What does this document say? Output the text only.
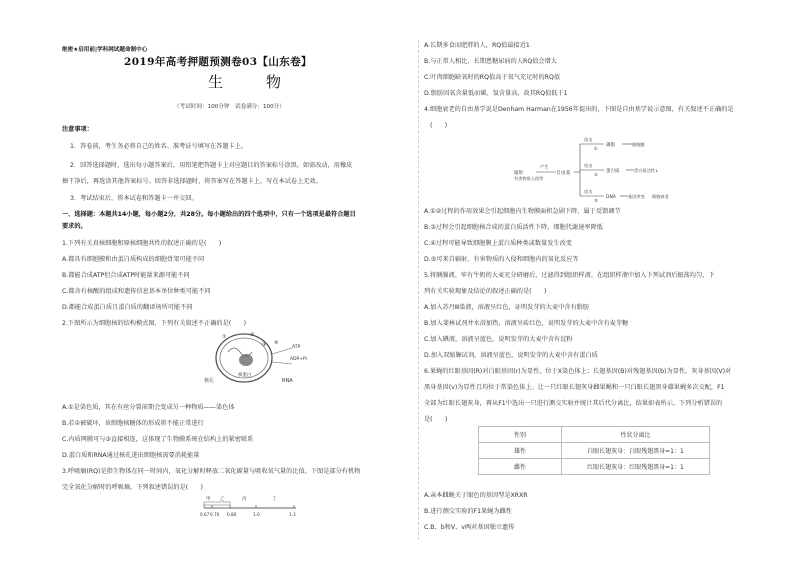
绝密★启用前|学科网试题命制中心
2019年高考押题预测卷03【山东卷】
生　物
（考试时间：100分钟　试卷满分：100分）
注意事项：
1．答卷前，考生务必将自己的姓名、准考证号填写在答题卡上。
2．回答选择题时，选出每小题答案后，用铅笔把答题卡上对应题目的答案标号涂黑。如需改动，用橡皮
擦干净后，再选涂其他答案标号。回答非选择题时，将答案写在答题卡上，写在本试卷上无效。
3．考试结束后，将本试卷和答题卡一并交回。
一、选择题：本题共14小题，每小题2分，共28分。每小题给出的四个选项中，只有一个选项是最符合题目
要求的。
1.下列有关真核细胞和原核细胞共性的叙述正确的是(　　)
A.都具有细胞膜和由蛋白质构成的细胞骨架可能不同
B.都能合成ATP但合成ATP时能量来源可能不同
C.都含有核酸的组成和遗传信息基本单位种类可能不同
D.都能合成蛋白质且蛋白质的翻译场所可能不同
2.下图所示为细胞核的结构模式图，下列有关叙述不正确的是(　　)
①	②
③ ④
ATP
ADP+Pi
核孔	RNA
核蛋白
A.①是染色质，其在有丝分裂前期会变成另一种物质——染色体
B.若②被破坏，该细胞核糖体的形成将不能正常进行
C.内质网膜可与③直接相连，这体现了生物膜系统在结构上的紧密联系
D.蛋白质和RNA通过核孔进出细胞核需要消耗能量
3.呼吸熵(RQ)是指生物体在同一时间内，氧化分解时释放二氧化碳量与吸收氧气量的比值。下图是部分有机物
完全氧化分解时的呼吸熵，下列叙述错误的是(　　)
甲 乙	丙	丁
0.67 0.70 0.80	1.0	1.3
A.长期多食而肥胖的人，RQ值最接近1
B.与正常人相比，长期患糖尿病的人RQ值会增大
C.叶肉细胞缺氧时的RQ值高于氧气充足时的RQ值
D.脂肪因氧含量低而碳、氢含量高，故其RQ值低于1
4.细胞衰老的自由基学说是Denham Harman在1956年提出的，下图是自由基学说示意图，有关叙述不正确的是
(　　)
辐射
有害物质入侵等
产生
自由基
攻击
攻击
攻击
①
②
③
磷脂
蛋白质
DNA
细胞膜
蛋白质活性↓
基因突变 细胞衰老
A.①②过程的作用效果会引起细胞内生物膜面积急剧下降，属于反馈调节
B.③过程会引起细胞核合成的蛋白质活性下降，细胞代谢速率降低
C.④过程可能导致细胞膜上蛋白质种类或数量发生改变
D.⑤可来自辐射、有害物质的入侵和细胞内的氧化反应等
5.将胰腺液、牢有牛奶的大麦充分研磨后，过滤得到组织样液。在组织样液中加入下列试剂后振荡均匀，下
列有关实验现象及结论的叙述正确的是(　　)
A.加入苏丹Ⅲ染液，溶液呈红色，证明发芽的大麦中含有脂肪
B.加入斐林试剂并水浴加热，溶液呈砖红色，说明发芽的大麦中含有麦芽糖
C.加入碘液，溶液呈蓝色，说明发芽的大麦中含有淀粉
D.加入双缩脲试剂，溶液呈蓝色，说明发芽的大麦中含有蛋白质
6.果蝇的红眼基因(R)对白眼基因(r)为显性，位于X染色体上；长翅基因(B)对残翅基因(b)为显性，灰身基因(V)对
黑身基因(v)为显性且均位于常染色体上。让一只红眼长翅灰身雌果蝇和一只白眼长翅黑身雄果蝇多次交配，F1
全部为红眼长翅灰身，再从F1中选出一只进行测交实验并统计其后代分离比，结果如表所示。下列分析错误的
是(　　)
性别	性状分离比
雄性	白眼长翅灰身：白眼残翅黑身=1：1
雌性	红眼长翅灰身：红眼残翅黑身=1：1
A.亲本雌蝇关于眼色的基因型是XRXR
B.进行测交实验的F1果蝇为雌性
C.B、b和V、v两对基因独立遗传
